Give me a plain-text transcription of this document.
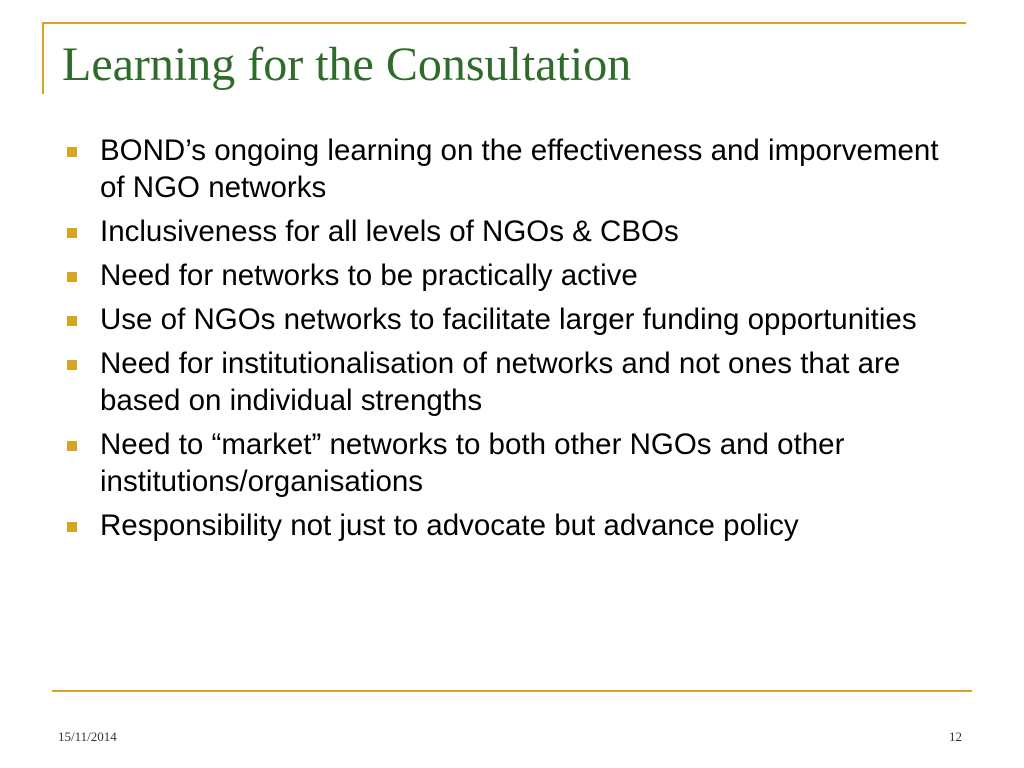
Learning for the Consultation
BOND’s ongoing learning on the effectiveness and imporvement of NGO networks
Inclusiveness for all levels of NGOs & CBOs
Need for networks to be practically active
Use of NGOs networks to facilitate larger funding opportunities
Need for institutionalisation of networks and not ones that are based on individual strengths
Need to “market” networks to both other NGOs and other institutions/organisations
Responsibility not just to advocate but advance policy
15/11/2014	12
